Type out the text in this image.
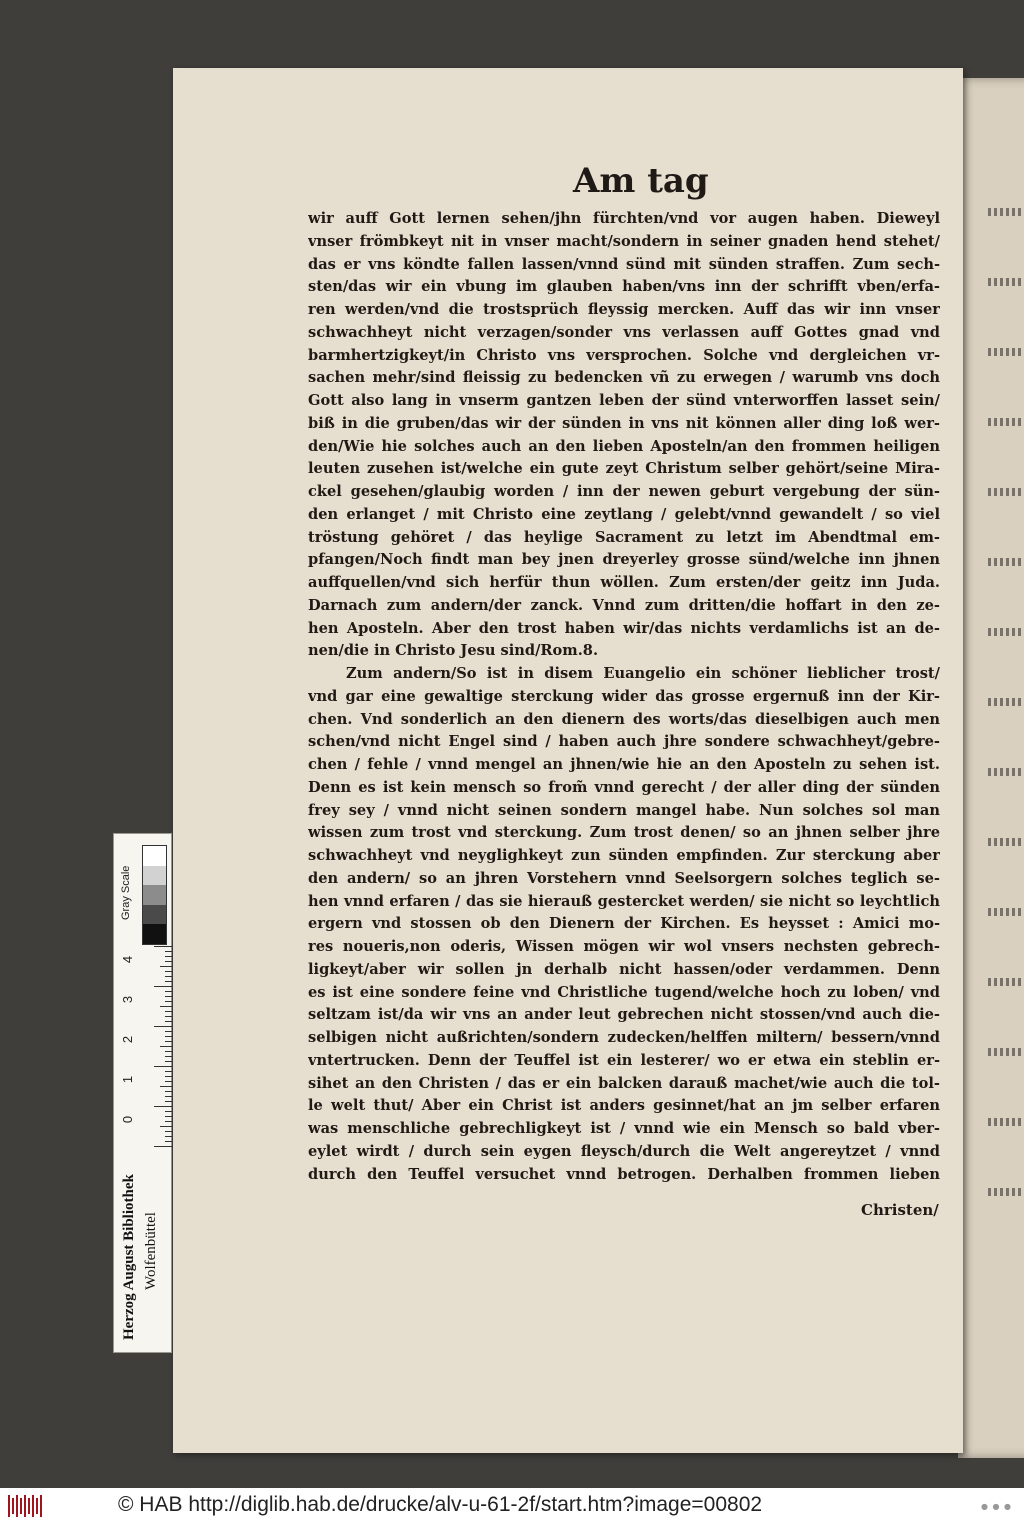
Am tag
wir auff Gott lernen sehen/jhn fürchten/vnd vor augen haben. Dieweyl
vnser frömbkeyt nit in vnser macht/sondern in seiner gnaden hend stehet/
das er vns köndte fallen lassen/vnnd sünd mit sünden straffen. Zum sech-
sten/das wir ein vbung im glauben haben/vns inn der schrifft vben/erfa-
ren werden/vnd die trostsprüch fleyssig mercken. Auff das wir inn vnser
schwachheyt nicht verzagen/sonder vns verlassen auff Gottes gnad vnd
barmhertzigkeyt/in Christo vns versprochen. Solche vnd dergleichen vr-
sachen mehr/sind fleissig zu bedencken vñ zu erwegen / warumb vns doch
Gott also lang in vnserm gantzen leben der sünd vnterworffen lasset sein/
biß in die gruben/das wir der sünden in vns nit können aller ding loß wer-
den/Wie hie solches auch an den lieben Aposteln/an den frommen heiligen
leuten zusehen ist/welche ein gute zeyt Christum selber gehört/seine Mira-
ckel gesehen/glaubig worden / inn der newen geburt vergebung der sün-
den erlanget / mit Christo eine zeytlang / gelebt/vnnd gewandelt / so viel
tröstung gehöret / das heylige Sacrament zu letzt im Abendtmal em-
pfangen/Noch findt man bey jnen dreyerley grosse sünd/welche inn jhnen
auffquellen/vnd sich herfür thun wöllen. Zum ersten/der geitz inn Juda.
Darnach zum andern/der zanck. Vnnd zum dritten/die hoffart in den ze-
hen Aposteln. Aber den trost haben wir/das nichts verdamlichs ist an de-
nen/die in Christo Jesu sind/Rom.8.
Zum andern/So ist in disem Euangelio ein schöner lieblicher trost/
vnd gar eine gewaltige sterckung wider das grosse ergernuß inn der Kir-
chen. Vnd sonderlich an den dienern des worts/das dieselbigen auch men
schen/vnd nicht Engel sind / haben auch jhre sondere schwachheyt/gebre-
chen / fehle / vnnd mengel an jhnen/wie hie an den Aposteln zu sehen ist.
Denn es ist kein mensch so from̃ vnnd gerecht / der aller ding der sünden
frey sey / vnnd nicht seinen sondern mangel habe. Nun solches sol man
wissen zum trost vnd sterckung. Zum trost denen/ so an jhnen selber jhre
schwachheyt vnd neyglighkeyt zun sünden empfinden. Zur sterckung aber
den andern/ so an jhren Vorstehern vnnd Seelsorgern solches teglich se-
hen vnnd erfaren / das sie hierauß gestercket werden/ sie nicht so leychtlich
ergern vnd stossen ob den Dienern der Kirchen. Es heysset : Amici mo-
res noueris,non oderis, Wissen mögen wir wol vnsers nechsten gebrech-
ligkeyt/aber wir sollen jn derhalb nicht hassen/oder verdammen. Denn
es ist eine sondere feine vnd Christliche tugend/welche hoch zu loben/ vnd
seltzam ist/da wir vns an ander leut gebrechen nicht stossen/vnd auch die-
selbigen nicht außrichten/sondern zudecken/helffen miltern/ bessern/vnnd
vntertrucken. Denn der Teuffel ist ein lesterer/ wo er etwa ein steblin er-
sihet an den Christen / das er ein balcken darauß machet/wie auch die tol-
le welt thut/ Aber ein Christ ist anders gesinnet/hat an jm selber erfaren
was menschliche gebrechligkeyt ist / vnnd wie ein Mensch so bald vber-
eylet wirdt / durch sein eygen fleysch/durch die Welt angereytzet / vnnd
durch den Teuffel versuchet vnnd betrogen. Derhalben frommen lieben
Christen/
Gray Scale
4
3
2
1
0
Herzog August Bibliothek Wolfenbüttel
© HAB http://diglib.hab.de/drucke/alv-u-61-2f/start.htm?image=00802	● ● ●
